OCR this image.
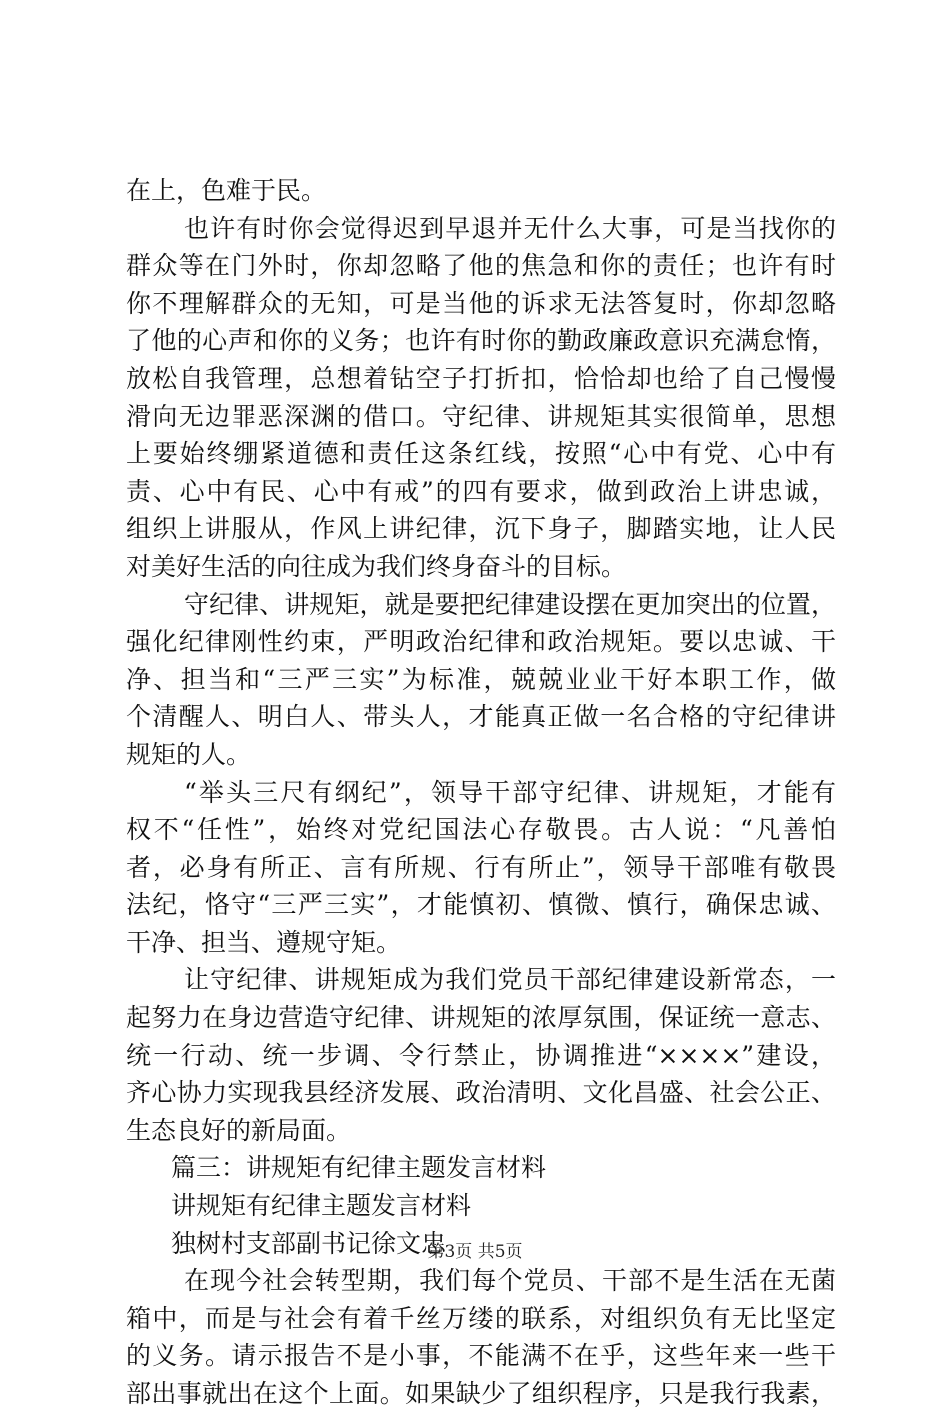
在上，色难于民。
也许有时你会觉得迟到早退并无什么大事，可是当找你的
群众等在门外时，你却忽略了他的焦急和你的责任；也许有时
你不理解群众的无知，可是当他的诉求无法答复时，你却忽略
了他的心声和你的义务；也许有时你的勤政廉政意识充满怠惰，
放松自我管理，总想着钻空子打折扣，恰恰却也给了自己慢慢
滑向无边罪恶深渊的借口。守纪律、讲规矩其实很简单，思想
上要始终绷紧道德和责任这条红线，按照“心中有党、心中有
责、心中有民、心中有戒”的四有要求，做到政治上讲忠诚，
组织上讲服从，作风上讲纪律，沉下身子，脚踏实地，让人民
对美好生活的向往成为我们终身奋斗的目标。
守纪律、讲规矩，就是要把纪律建设摆在更加突出的位置，
强化纪律刚性约束，严明政治纪律和政治规矩。要以忠诚、干
净、担当和“三严三实”为标准，兢兢业业干好本职工作，做
个清醒人、明白人、带头人，才能真正做一名合格的守纪律讲
规矩的人。
“举头三尺有纲纪”，领导干部守纪律、讲规矩，才能有
权不“任性”，始终对党纪国法心存敬畏。古人说：“凡善怕
者，必身有所正、言有所规、行有所止”，领导干部唯有敬畏
法纪，恪守“三严三实”，才能慎初、慎微、慎行，确保忠诚、
干净、担当、遵规守矩。
让守纪律、讲规矩成为我们党员干部纪律建设新常态，一
起努力在身边营造守纪律、讲规矩的浓厚氛围，保证统一意志、
统一行动、统一步调、令行禁止，协调推进“××××”建设，
齐心协力实现我县经济发展、政治清明、文化昌盛、社会公正、
生态良好的新局面。
篇三：讲规矩有纪律主题发言材料
讲规矩有纪律主题发言材料
独树村支部副书记徐文忠
在现今社会转型期，我们每个党员、干部不是生活在无菌
箱中，而是与社会有着千丝万缕的联系，对组织负有无比坚定
的义务。请示报告不是小事，不能满不在乎，这些年来一些干
部出事就出在这个上面。如果缺少了组织程序，只是我行我素，
第3页 共5页
